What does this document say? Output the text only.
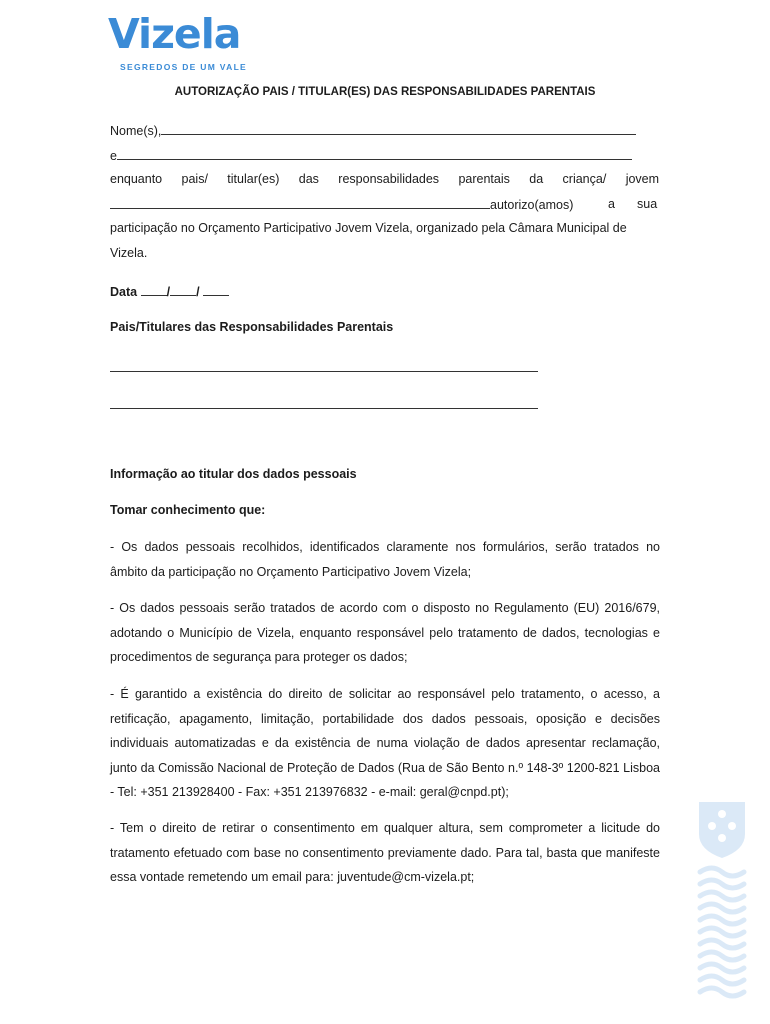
Vizela
SEGREDOS DE UM VALE
AUTORIZAÇÃO PAIS / TITULAR(ES) DAS RESPONSABILIDADES PARENTAIS
Nome(s),
e
enquanto pais/ titular(es) das responsabilidades parentais da criança/ jovem
autorizo(amos)	a sua
participação no Orçamento Participativo Jovem Vizela, organizado pela Câmara Municipal de
Vizela.
Data / /
Pais/Titulares das Responsabilidades Parentais
Informação ao titular dos dados pessoais
Tomar conhecimento que:
- Os dados pessoais recolhidos, identificados claramente nos formulários, serão tratados no âmbito da participação no Orçamento Participativo Jovem Vizela;
- Os dados pessoais serão tratados de acordo com o disposto no Regulamento (EU) 2016/679, adotando o Município de Vizela, enquanto responsável pelo tratamento de dados, tecnologias e procedimentos de segurança para proteger os dados;
- É garantido a existência do direito de solicitar ao responsável pelo tratamento, o acesso, a retificação, apagamento, limitação, portabilidade dos dados pessoais, oposição e decisões individuais automatizadas e da existência de numa violação de dados apresentar reclamação, junto da Comissão Nacional de Proteção de Dados (Rua de São Bento n.º 148-3º 1200-821 Lisboa - Tel: +351 213928400 - Fax: +351 213976832 - e-mail: geral@cnpd.pt);
- Tem o direito de retirar o consentimento em qualquer altura, sem comprometer a licitude do tratamento efetuado com base no consentimento previamente dado. Para tal, basta que manifeste essa vontade remetendo um email para: juventude@cm-vizela.pt;
